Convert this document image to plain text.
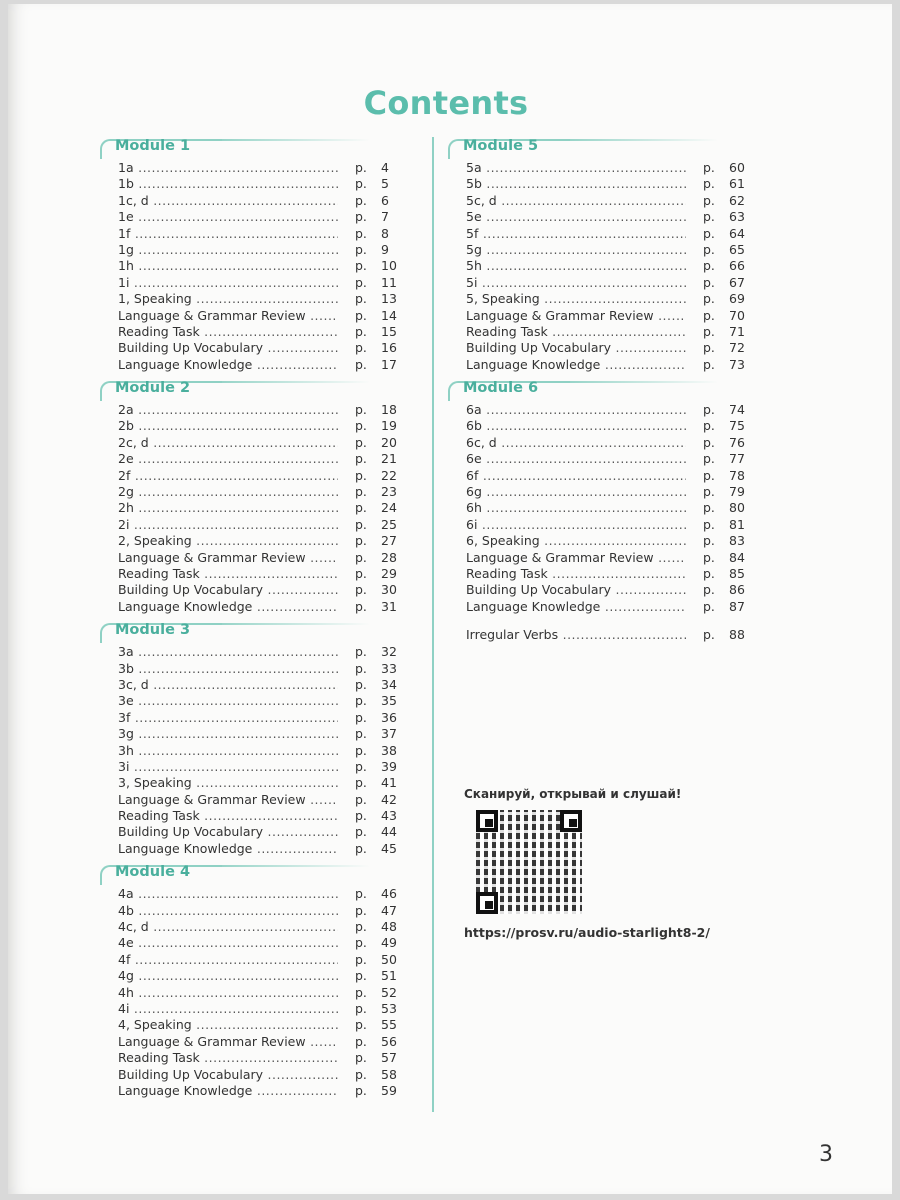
Contents
Module 1
1a .....	p. 4
1b .....	p. 5
1c, d .....	p. 6
1e .....	p. 7
1f .....	p. 8
1g .....	p. 9
1h .....	p. 10
1i .....	p. 11
1, Speaking .....	p. 13
Language & Grammar Review .....	p. 14
Reading Task .....	p. 15
Building Up Vocabulary .....	p. 16
Language Knowledge .....	p. 17
Module 2
2a .....	p. 18
2b .....	p. 19
2c, d .....	p. 20
2e .....	p. 21
2f .....	p. 22
2g .....	p. 23
2h .....	p. 24
2i .....	p. 25
2, Speaking .....	p. 27
Language & Grammar Review .....	p. 28
Reading Task .....	p. 29
Building Up Vocabulary .....	p. 30
Language Knowledge .....	p. 31
Module 3
3a .....	p. 32
3b .....	p. 33
3c, d .....	p. 34
3e .....	p. 35
3f .....	p. 36
3g .....	p. 37
3h .....	p. 38
3i .....	p. 39
3, Speaking .....	p. 41
Language & Grammar Review .....	p. 42
Reading Task .....	p. 43
Building Up Vocabulary .....	p. 44
Language Knowledge .....	p. 45
Module 4
4a .....	p. 46
4b .....	p. 47
4c, d .....	p. 48
4e .....	p. 49
4f .....	p. 50
4g .....	p. 51
4h .....	p. 52
4i .....	p. 53
4, Speaking .....	p. 55
Language & Grammar Review .....	p. 56
Reading Task .....	p. 57
Building Up Vocabulary .....	p. 58
Language Knowledge .....	p. 59
Module 5
5a .....	p. 60
5b .....	p. 61
5c, d .....	p. 62
5e .....	p. 63
5f .....	p. 64
5g .....	p. 65
5h .....	p. 66
5i .....	p. 67
5, Speaking .....	p. 69
Language & Grammar Review .....	p. 70
Reading Task .....	p. 71
Building Up Vocabulary .....	p. 72
Language Knowledge .....	p. 73
Module 6
6a .....	p. 74
6b .....	p. 75
6c, d .....	p. 76
6e .....	p. 77
6f .....	p. 78
6g .....	p. 79
6h .....	p. 80
6i .....	p. 81
6, Speaking .....	p. 83
Language & Grammar Review .....	p. 84
Reading Task .....	p. 85
Building Up Vocabulary .....	p. 86
Language Knowledge .....	p. 87
Irregular Verbs .....	p. 88
Сканируй, открывай и слушай!
https://prosv.ru/audio-starlight8-2/
3
